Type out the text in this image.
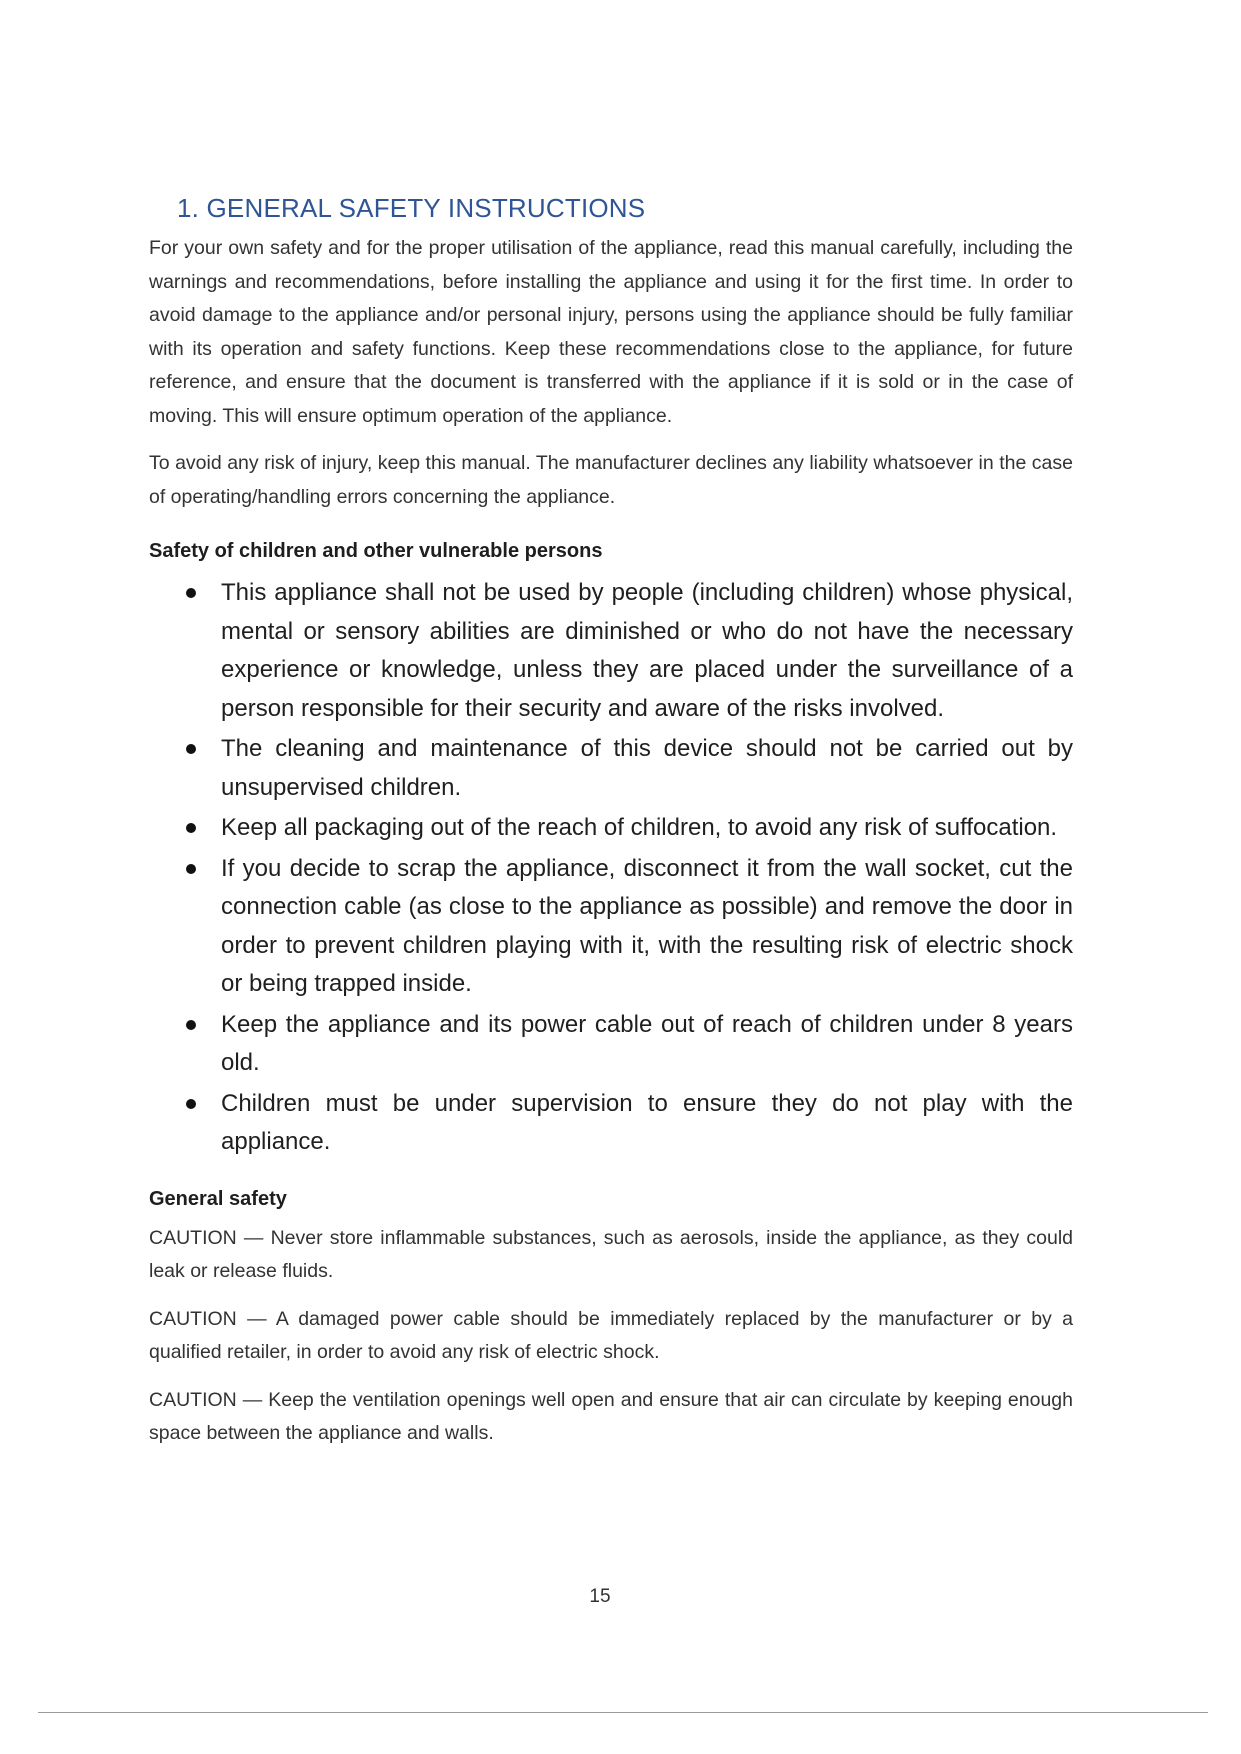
1. GENERAL SAFETY INSTRUCTIONS

For your own safety and for the proper utilisation of the appliance, read this manual carefully, including the warnings and recommendations, before installing the appliance and using it for the first time. In order to avoid damage to the appliance and/or personal injury, persons using the appliance should be fully familiar with its operation and safety functions. Keep these recommendations close to the appliance, for future reference, and ensure that the document is transferred with the appliance if it is sold or in the case of moving. This will ensure optimum operation of the appliance.

To avoid any risk of injury, keep this manual. The manufacturer declines any liability whatsoever in the case of operating/handling errors concerning the appliance.

Safety of children and other vulnerable persons
This appliance shall not be used by people (including children) whose physical, mental or sensory abilities are diminished or who do not have the necessary experience or knowledge, unless they are placed under the surveillance of a person responsible for their security and aware of the risks involved.
The cleaning and maintenance of this device should not be carried out by unsupervised children.
Keep all packaging out of the reach of children, to avoid any risk of suffocation.
If you decide to scrap the appliance, disconnect it from the wall socket, cut the connection cable (as close to the appliance as possible) and remove the door in order to prevent children playing with it, with the resulting risk of electric shock or being trapped inside.
Keep the appliance and its power cable out of reach of children under 8 years old.
Children must be under supervision to ensure they do not play with the appliance.
General safety

CAUTION — Never store inflammable substances, such as aerosols, inside the appliance, as they could leak or release fluids.

CAUTION — A damaged power cable should be immediately replaced by the manufacturer or by a qualified retailer, in order to avoid any risk of electric shock.

CAUTION — Keep the ventilation openings well open and ensure that air can circulate by keeping enough space between the appliance and walls.

15
